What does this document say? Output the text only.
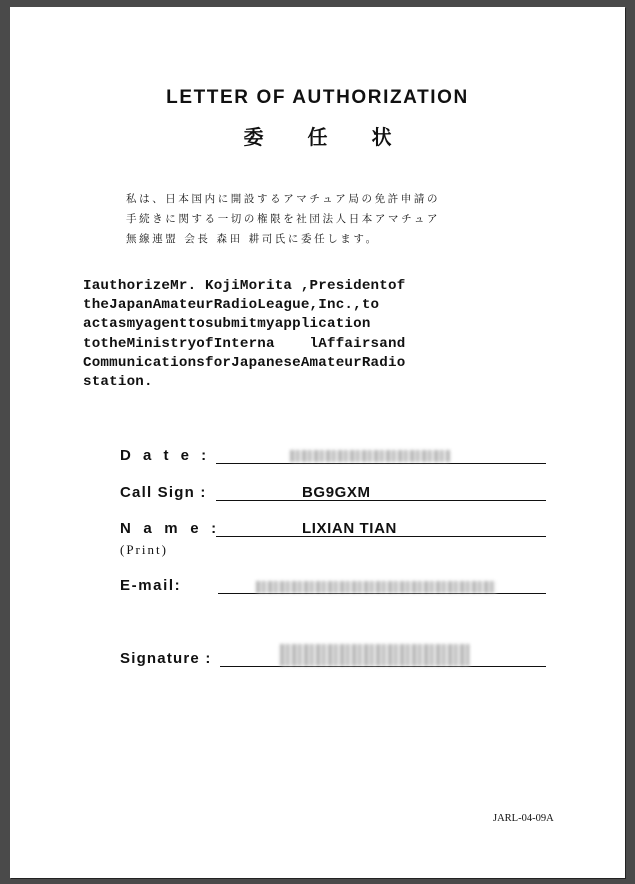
LETTER OF AUTHORIZATION
委任状
私は、日本国内に開設するアマチュア局の免許申請の
手続きに関する一切の権限を社団法人日本アマチュア
無線連盟 会長 森田 耕司氏に委任します。
IauthorizeMr. KojiMorita ,Presidentof
theJapanAmateurRadioLeague,Inc.,to
actasmyagenttosubmitmyapplication
totheMinistryofInterna    lAffairsand
CommunicationsforJapaneseAmateurRadio
station.
D a t e :
Call Sign :	BG9GXM
N a m e :	LIXIAN TIAN
(Print)
E-mail:
Signature :
JARL-04-09A
